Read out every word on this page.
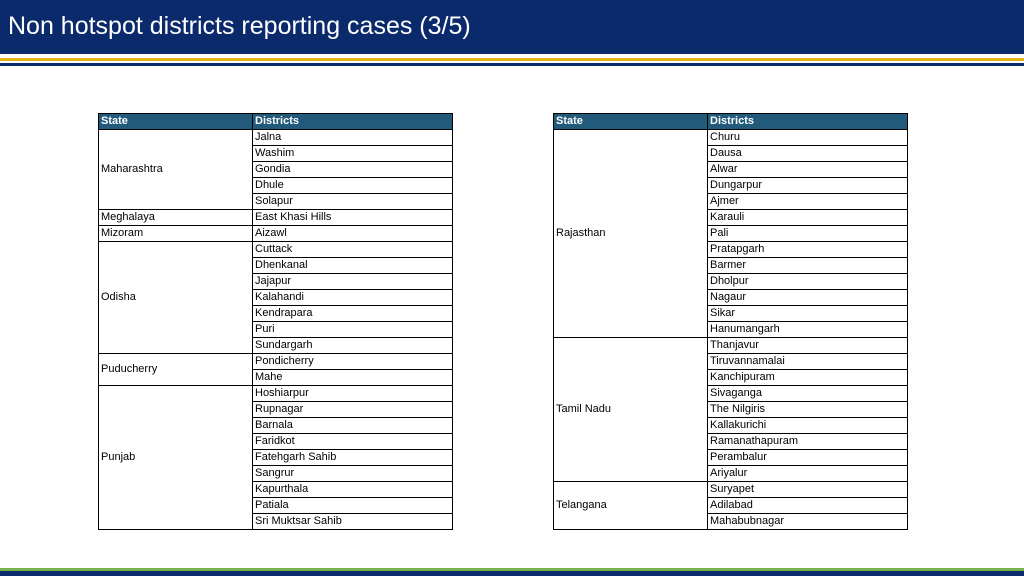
Non hotspot districts reporting cases (3/5)
State	Districts
Maharashtra	Jalna
	Washim
	Gondia
	Dhule
	Solapur
Meghalaya	East Khasi Hills
Mizoram	Aizawl
Odisha	Cuttack
	Dhenkanal
	Jajapur
	Kalahandi
	Kendrapara
	Puri
	Sundargarh
Puducherry	Pondicherry
	Mahe
Punjab	Hoshiarpur
	Rupnagar
	Barnala
	Faridkot
	Fatehgarh Sahib
	Sangrur
	Kapurthala
	Patiala
	Sri Muktsar Sahib
State	Districts
Rajasthan	Churu
	Dausa
	Alwar
	Dungarpur
	Ajmer
	Karauli
	Pali
	Pratapgarh
	Barmer
	Dholpur
	Nagaur
	Sikar
	Hanumangarh
Tamil Nadu	Thanjavur
	Tiruvannamalai
	Kanchipuram
	Sivaganga
	The Nilgiris
	Kallakurichi
	Ramanathapuram
	Perambalur
	Ariyalur
Telangana	Suryapet
	Adilabad
	Mahabubnagar
